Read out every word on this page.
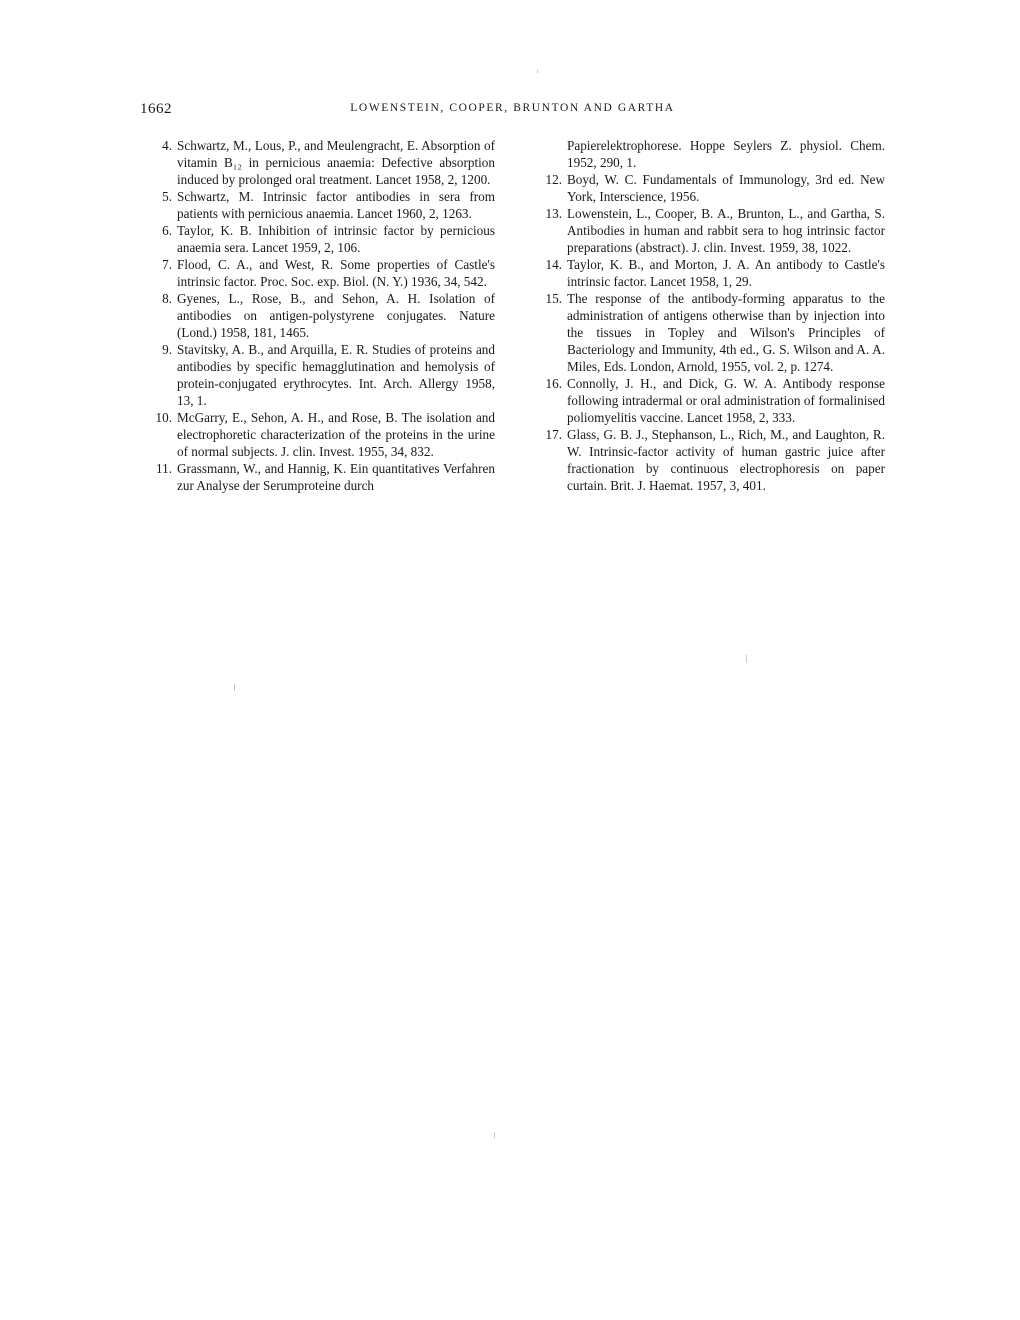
1662	LOWENSTEIN, COOPER, BRUNTON AND GARTHA
4. Schwartz, M., Lous, P., and Meulengracht, E. Absorption of vitamin B₁₂ in pernicious anaemia: Defective absorption induced by prolonged oral treatment. Lancet 1958, 2, 1200.
5. Schwartz, M. Intrinsic factor antibodies in sera from patients with pernicious anaemia. Lancet 1960, 2, 1263.
6. Taylor, K. B. Inhibition of intrinsic factor by pernicious anaemia sera. Lancet 1959, 2, 106.
7. Flood, C. A., and West, R. Some properties of Castle's intrinsic factor. Proc. Soc. exp. Biol. (N. Y.) 1936, 34, 542.
8. Gyenes, L., Rose, B., and Sehon, A. H. Isolation of antibodies on antigen-polystyrene conjugates. Nature (Lond.) 1958, 181, 1465.
9. Stavitsky, A. B., and Arquilla, E. R. Studies of proteins and antibodies by specific hemagglutination and hemolysis of protein-conjugated erythrocytes. Int. Arch. Allergy 1958, 13, 1.
10. McGarry, E., Sehon, A. H., and Rose, B. The isolation and electrophoretic characterization of the proteins in the urine of normal subjects. J. clin. Invest. 1955, 34, 832.
11. Grassmann, W., and Hannig, K. Ein quantitatives Verfahren zur Analyse der Serumproteine durch

Papierelektrophorese. Hoppe Seylers Z. physiol. Chem. 1952, 290, 1.

12. Boyd, W. C. Fundamentals of Immunology, 3rd ed. New York, Interscience, 1956.
13. Lowenstein, L., Cooper, B. A., Brunton, L., and Gartha, S. Antibodies in human and rabbit sera to hog intrinsic factor preparations (abstract). J. clin. Invest. 1959, 38, 1022.
14. Taylor, K. B., and Morton, J. A. An antibody to Castle's intrinsic factor. Lancet 1958, 1, 29.
15. The response of the antibody-forming apparatus to the administration of antigens otherwise than by injection into the tissues in Topley and Wilson's Principles of Bacteriology and Immunity, 4th ed., G. S. Wilson and A. A. Miles, Eds. London, Arnold, 1955, vol. 2, p. 1274.
16. Connolly, J. H., and Dick, G. W. A. Antibody response following intradermal or oral administration of formalinised poliomyelitis vaccine. Lancet 1958, 2, 333.
17. Glass, G. B. J., Stephanson, L., Rich, M., and Laughton, R. W. Intrinsic-factor activity of human gastric juice after fractionation by continuous electrophoresis on paper curtain. Brit. J. Haemat. 1957, 3, 401.
